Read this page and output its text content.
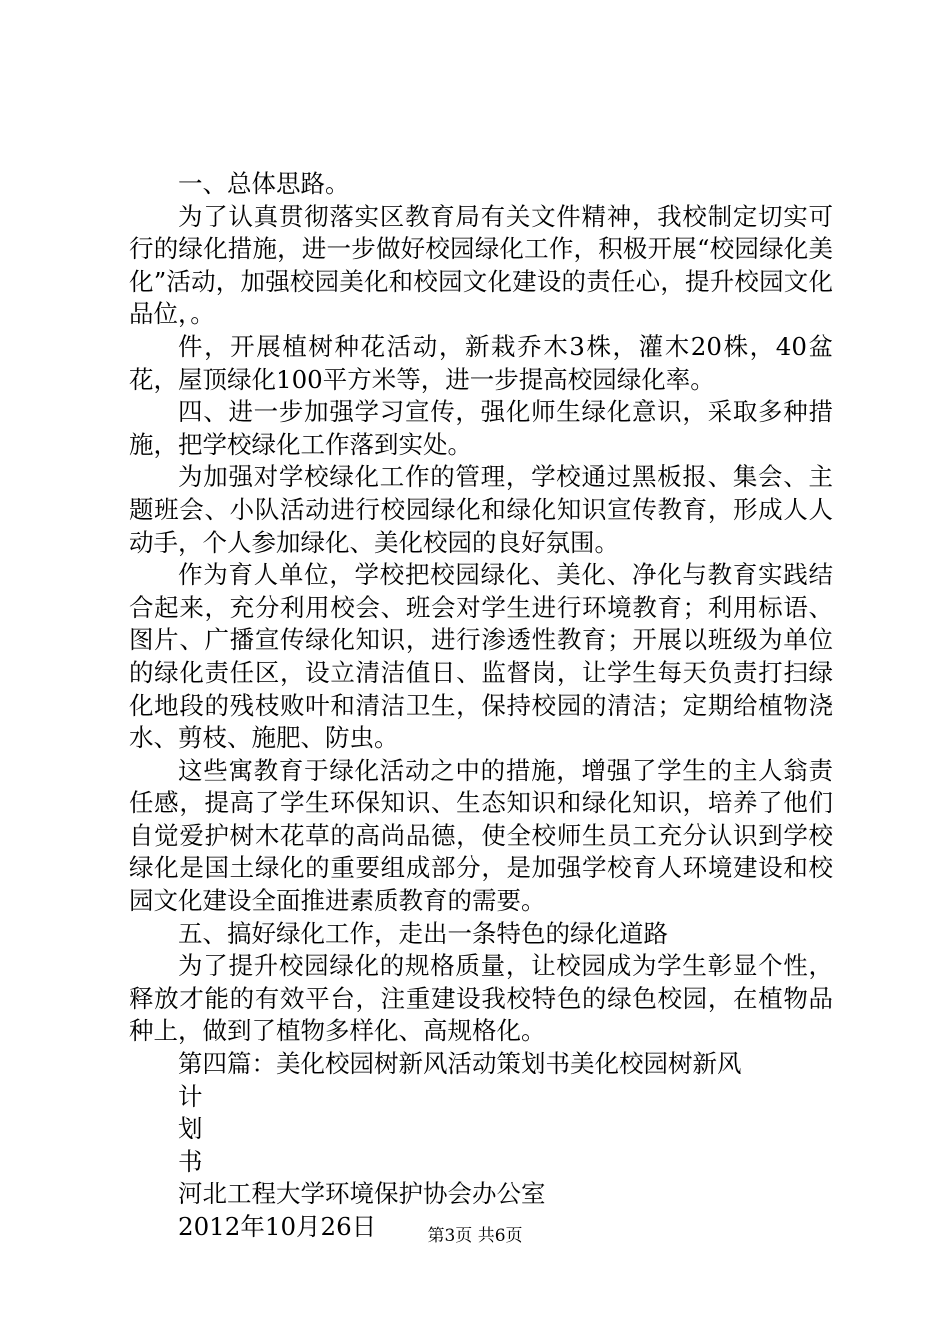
一、总体思路。

为了认真贯彻落实区教育局有关文件精神，我校制定切实可行的绿化措施，进一步做好校园绿化工作，积极开展“校园绿化美化”活动，加强校园美化和校园文化建设的责任心，提升校园文化品位，。

件，开展植树种花活动，新栽乔木3株，灌木20株，40盆花，屋顶绿化100平方米等，进一步提高校园绿化率。

四、进一步加强学习宣传，强化师生绿化意识，采取多种措施，把学校绿化工作落到实处。

为加强对学校绿化工作的管理，学校通过黑板报、集会、主题班会、小队活动进行校园绿化和绿化知识宣传教育，形成人人动手，个人参加绿化、美化校园的良好氛围。

作为育人单位，学校把校园绿化、美化、净化与教育实践结合起来，充分利用校会、班会对学生进行环境教育；利用标语、图片、广播宣传绿化知识，进行渗透性教育；开展以班级为单位的绿化责任区，设立清洁值日、监督岗，让学生每天负责打扫绿化地段的残枝败叶和清洁卫生，保持校园的清洁；定期给植物浇水、剪枝、施肥、防虫。

这些寓教育于绿化活动之中的措施，增强了学生的主人翁责任感，提高了学生环保知识、生态知识和绿化知识，培养了他们自觉爱护树木花草的高尚品德，使全校师生员工充分认识到学校绿化是国土绿化的重要组成部分，是加强学校育人环境建设和校园文化建设全面推进素质教育的需要。

五、搞好绿化工作，走出一条特色的绿化道路

为了提升校园绿化的规格质量，让校园成为学生彰显个性，释放才能的有效平台，注重建设我校特色的绿色校园，在植物品种上，做到了植物多样化、高规格化。

第四篇：美化校园树新风活动策划书美化校园树新风

计

划

书

河北工程大学环境保护协会办公室

2012年10月26日	第3页 共6页
